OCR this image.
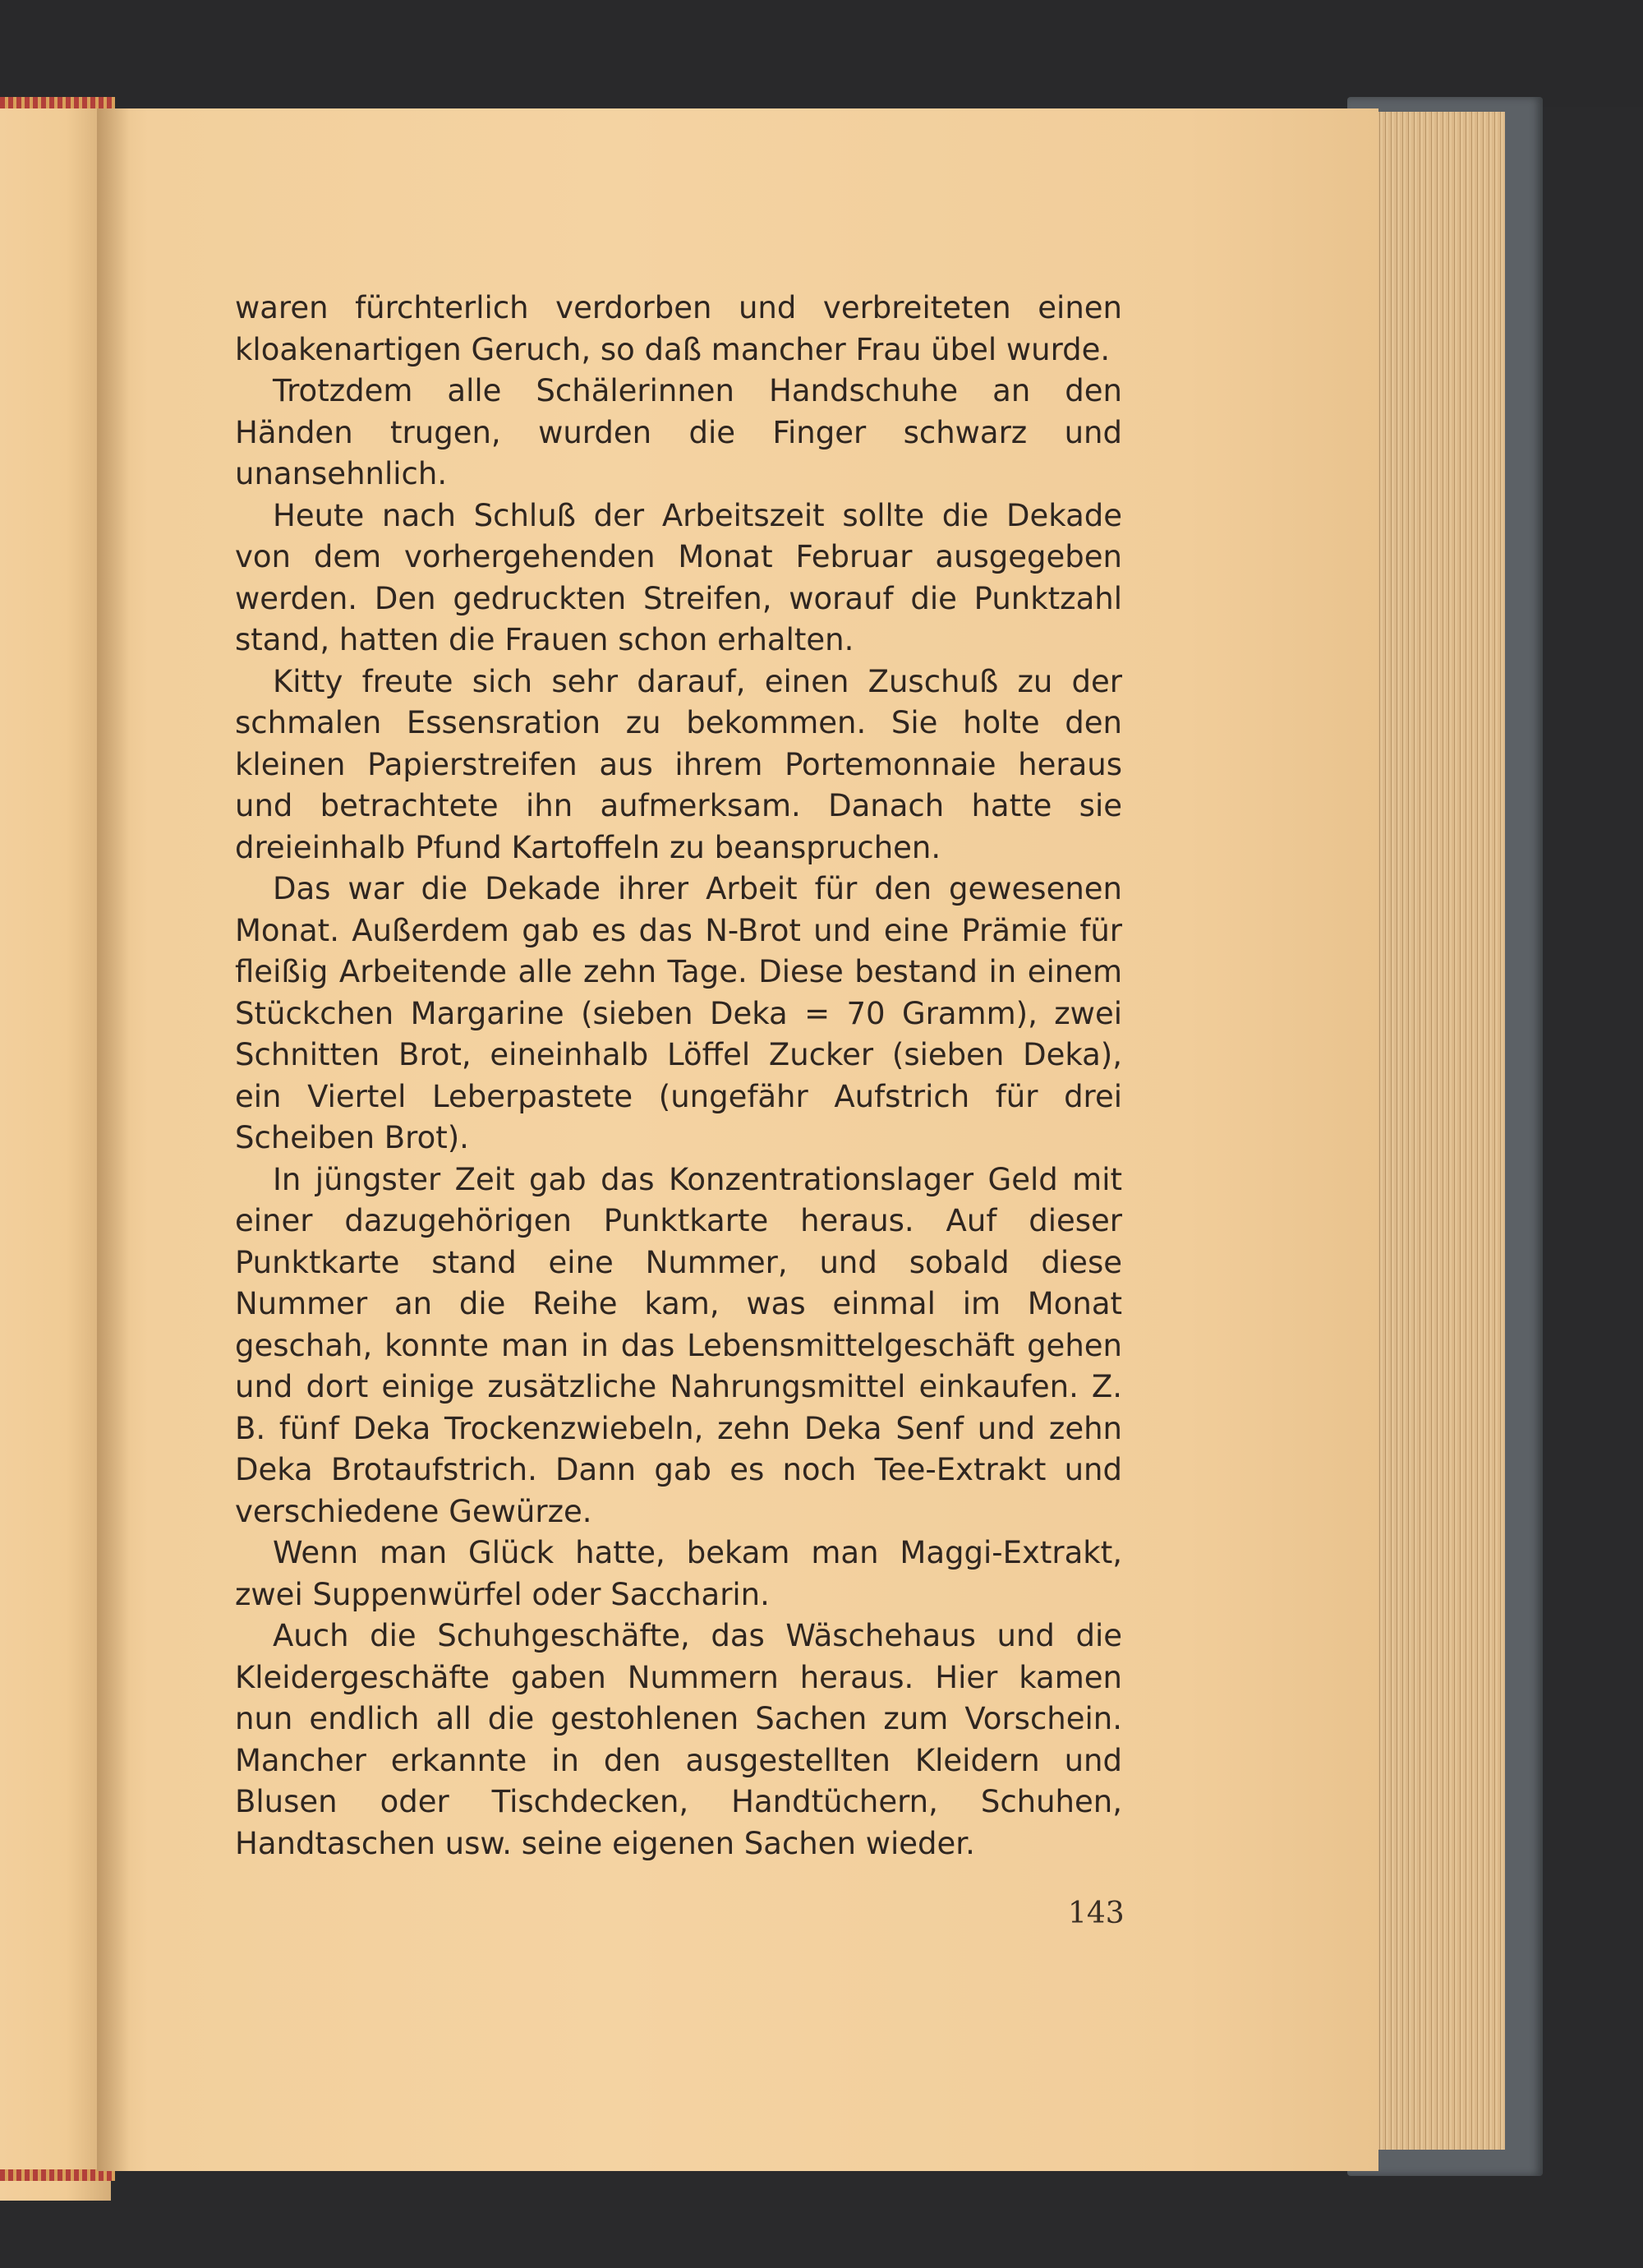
waren fürchterlich verdorben und verbreiteten einen kloakenartigen Geruch, so daß mancher Frau übel wurde.

Trotzdem alle Schälerinnen Handschuhe an den Händen trugen, wurden die Finger schwarz und unansehnlich.

Heute nach Schluß der Arbeitszeit sollte die Dekade von dem vorhergehenden Monat Februar ausgegeben werden. Den gedruckten Streifen, worauf die Punktzahl stand, hatten die Frauen schon erhalten.

Kitty freute sich sehr darauf, einen Zuschuß zu der schmalen Essensration zu bekommen. Sie holte den kleinen Papierstreifen aus ihrem Portemonnaie heraus und betrachtete ihn aufmerksam. Danach hatte sie dreieinhalb Pfund Kartoffeln zu beanspruchen.

Das war die Dekade ihrer Arbeit für den gewesenen Monat. Außerdem gab es das N-Brot und eine Prämie für fleißig Arbeitende alle zehn Tage. Diese bestand in einem Stückchen Margarine (sieben Deka = 70 Gramm), zwei Schnitten Brot, eineinhalb Löffel Zucker (sieben Deka), ein Viertel Leberpastete (ungefähr Aufstrich für drei Scheiben Brot).

In jüngster Zeit gab das Konzentrationslager Geld mit einer dazugehörigen Punktkarte heraus. Auf dieser Punktkarte stand eine Nummer, und sobald diese Nummer an die Reihe kam, was einmal im Monat geschah, konnte man in das Lebensmittelgeschäft gehen und dort einige zusätzliche Nahrungsmittel einkaufen. Z. B. fünf Deka Trockenzwiebeln, zehn Deka Senf und zehn Deka Brotaufstrich. Dann gab es noch Tee-Extrakt und verschiedene Gewürze.

Wenn man Glück hatte, bekam man Maggi-Extrakt, zwei Suppenwürfel oder Saccharin.

Auch die Schuhgeschäfte, das Wäschehaus und die Kleidergeschäfte gaben Nummern heraus. Hier kamen nun endlich all die gestohlenen Sachen zum Vorschein. Mancher erkannte in den ausgestellten Kleidern und Blusen oder Tischdecken, Handtüchern, Schuhen, Handtaschen usw. seine eigenen Sachen wieder.

143
